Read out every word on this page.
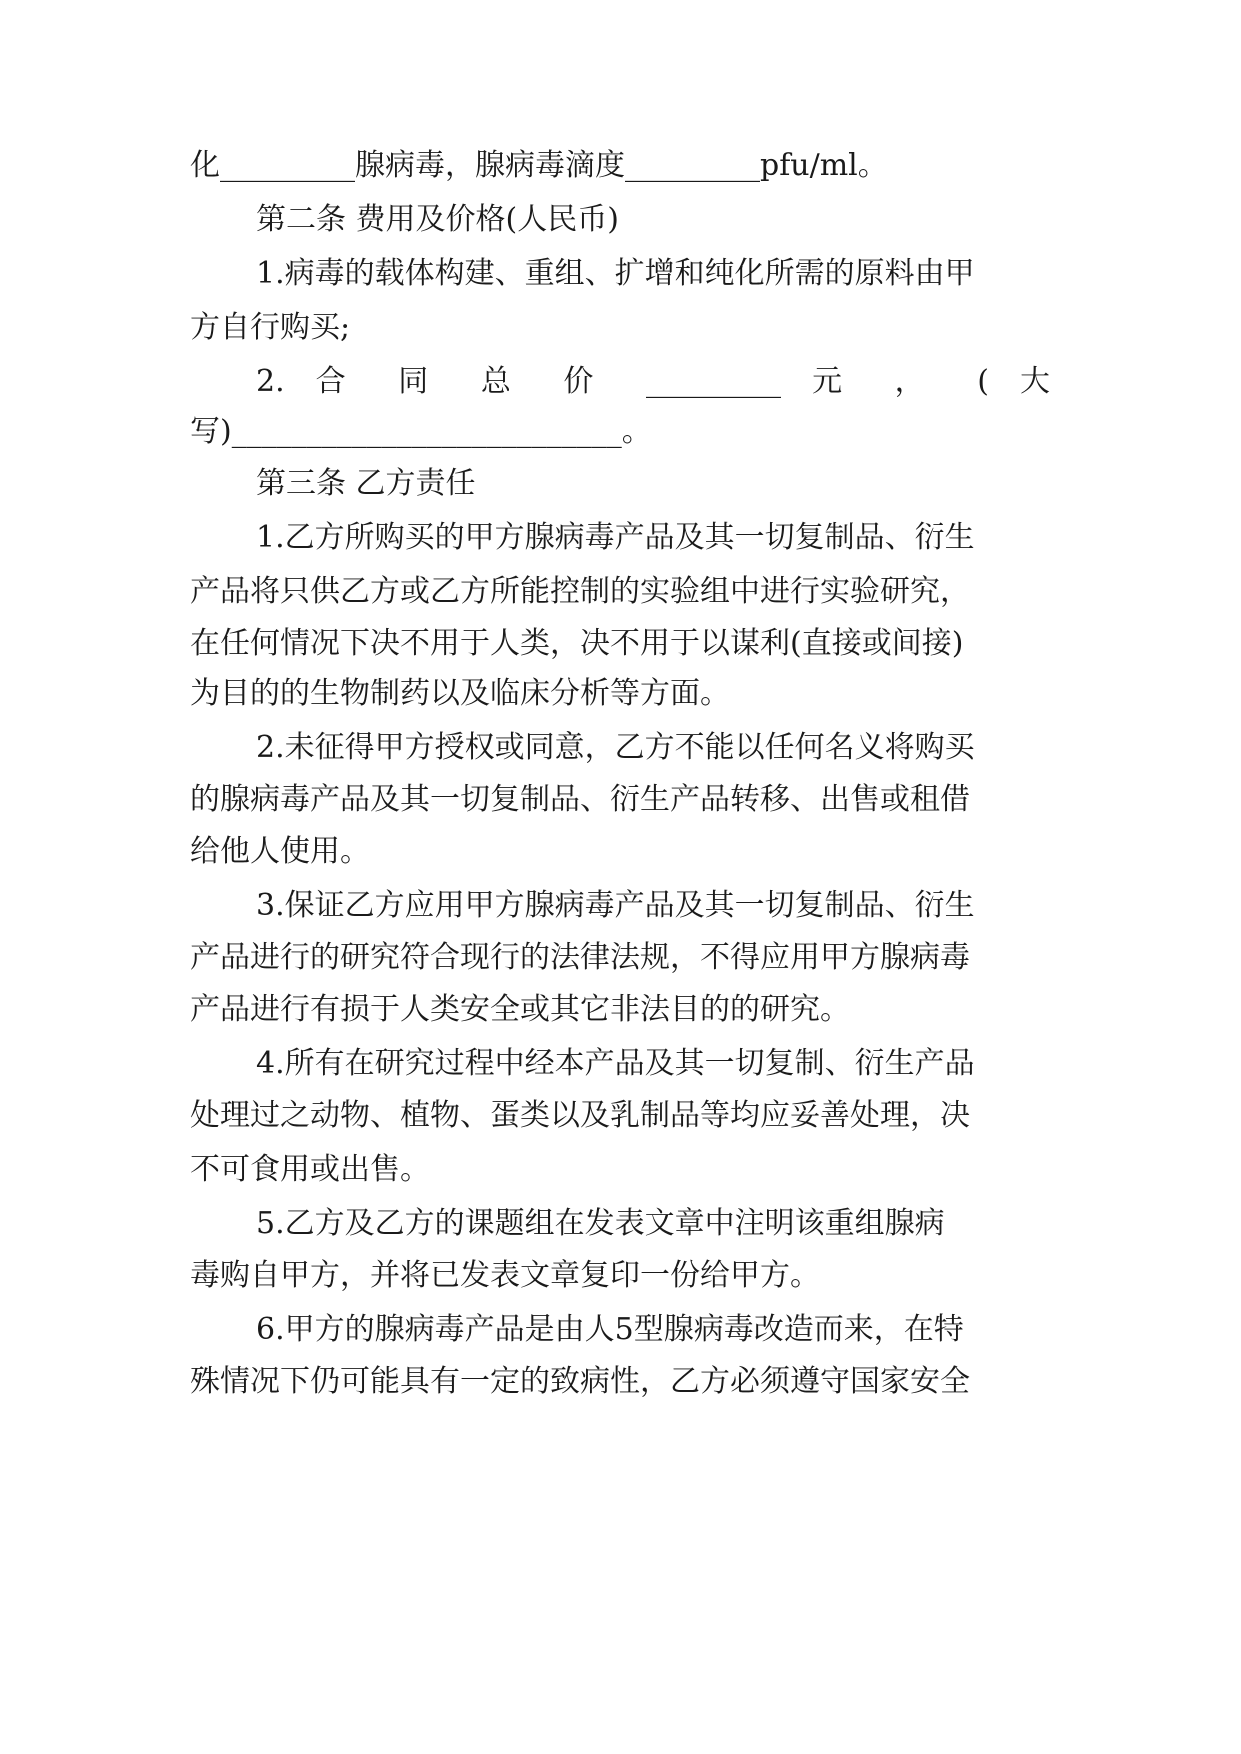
化_________腺病毒，腺病毒滴度_________pfu/ml。
第二条 费用及价格(人民币)
1.病毒的载体构建、重组、扩增和纯化所需的原料由甲
方自行购买;
2. 合 同 总 价 _________ 元 ， ( 大
写)__________________________。
第三条 乙方责任
1.乙方所购买的甲方腺病毒产品及其一切复制品、衍生
产品将只供乙方或乙方所能控制的实验组中进行实验研究，
在任何情况下决不用于人类，决不用于以谋利(直接或间接)
为目的的生物制药以及临床分析等方面。
2.未征得甲方授权或同意，乙方不能以任何名义将购买
的腺病毒产品及其一切复制品、衍生产品转移、出售或租借
给他人使用。
3.保证乙方应用甲方腺病毒产品及其一切复制品、衍生
产品进行的研究符合现行的法律法规，不得应用甲方腺病毒
产品进行有损于人类安全或其它非法目的的研究。
4.所有在研究过程中经本产品及其一切复制、衍生产品
处理过之动物、植物、蛋类以及乳制品等均应妥善处理，决
不可食用或出售。
5.乙方及乙方的课题组在发表文章中注明该重组腺病
毒购自甲方，并将已发表文章复印一份给甲方。
6.甲方的腺病毒产品是由人5型腺病毒改造而来，在特
殊情况下仍可能具有一定的致病性，乙方必须遵守国家安全
